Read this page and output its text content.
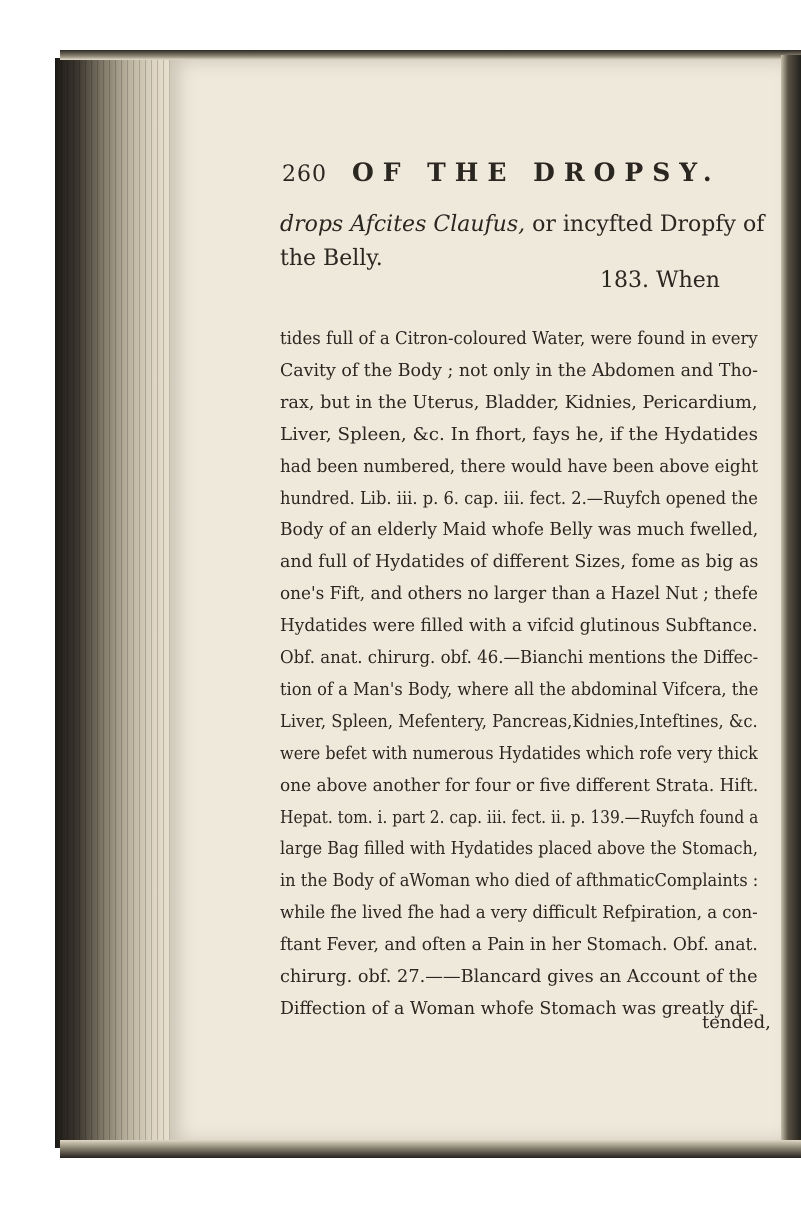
260 OF THE DROPSY.
drops Afcites Claufus, or incyfted Dropfy of
the Belly.
183. When
tides full of a Citron-coloured Water, were found in every
Cavity of the Body ; not only in the Abdomen and Tho-
rax, but in the Uterus, Bladder, Kidnies, Pericardium,
Liver, Spleen, &c. In fhort, fays he, if the Hydatides
had been numbered, there would have been above eight
hundred. Lib. iii. p. 6. cap. iii. fect. 2.—Ruyfch opened the
Body of an elderly Maid whofe Belly was much fwelled,
and full of Hydatides of different Sizes, fome as big as
one's Fift, and others no larger than a Hazel Nut ; thefe
Hydatides were filled with a vifcid glutinous Subftance.
Obf. anat. chirurg. obf. 46.—Bianchi mentions the Diffec-
tion of a Man's Body, where all the abdominal Vifcera, the
Liver, Spleen, Mefentery, Pancreas,Kidnies,Inteftines, &c.
were befet with numerous Hydatides which rofe very thick
one above another for four or five different Strata. Hift.
Hepat. tom. i. part 2. cap. iii. fect. ii. p. 139.—Ruyfch found a
large Bag filled with Hydatides placed above the Stomach,
in the Body of aWoman who died of afthmaticComplaints :
while fhe lived fhe had a very difficult Refpiration, a con-
ftant Fever, and often a Pain in her Stomach. Obf. anat.
chirurg. obf. 27.——Blancard gives an Account of the
Diffection of a Woman whofe Stomach was greatly dif-
tended,
